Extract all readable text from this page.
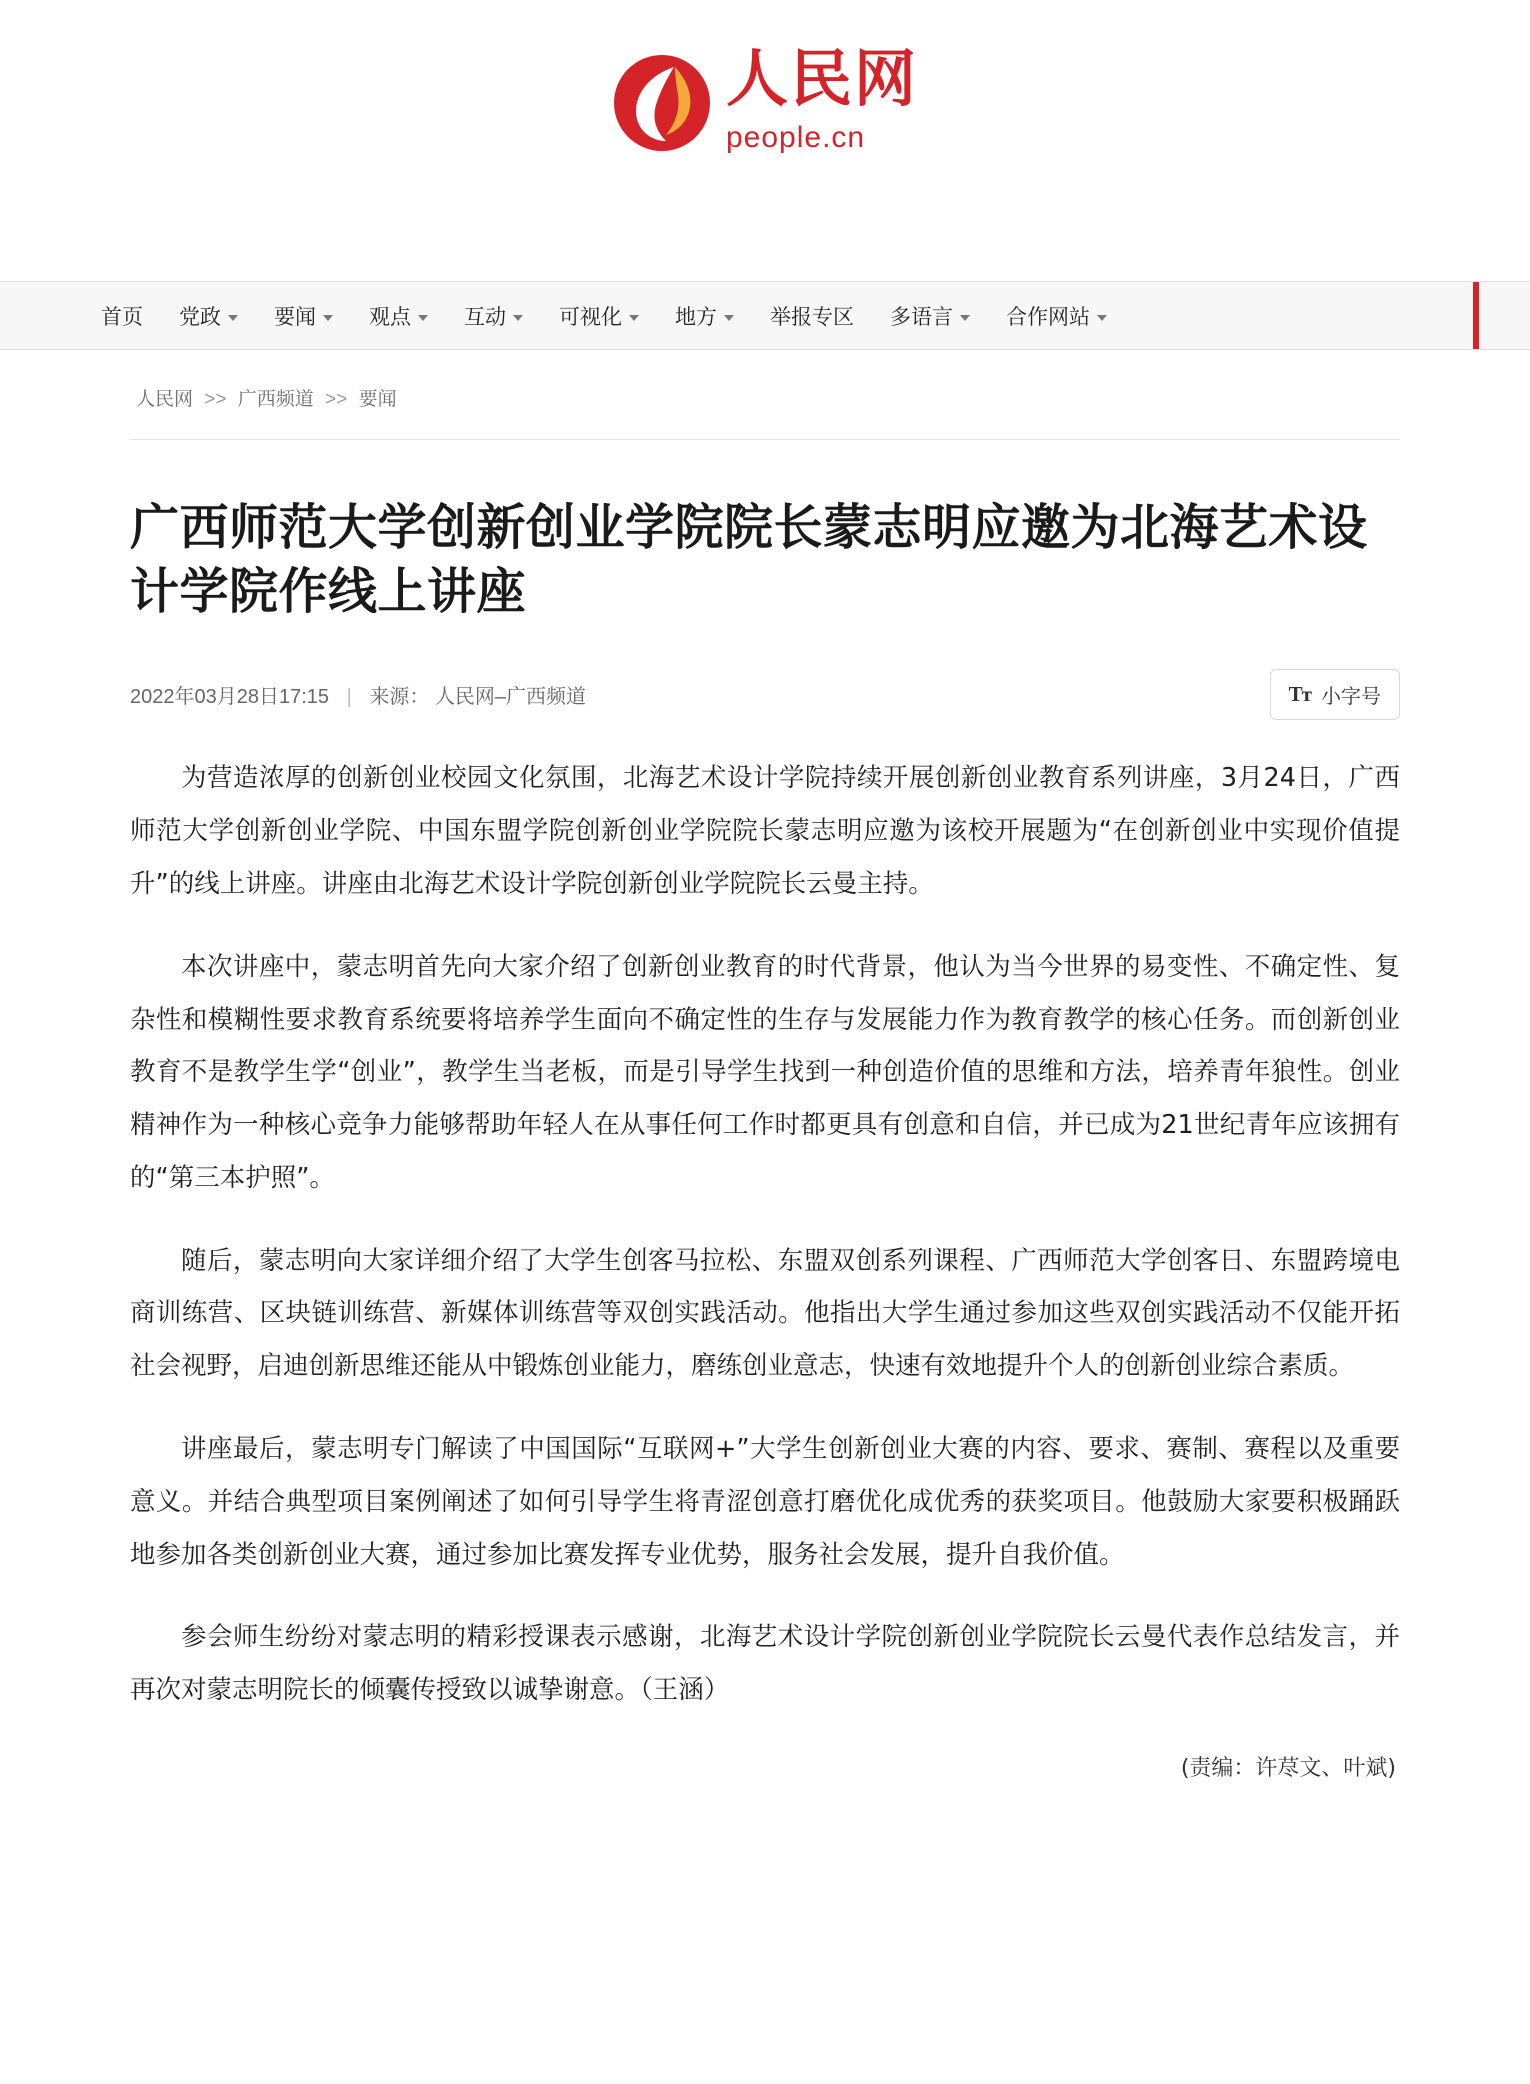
人民网
people.cn
首页 党政	要闻	观点	互动	可视化	地方	举报专区 多语言	合作网站
人民网 >> 广西频道 >> 要闻
广西师范大学创新创业学院院长蒙志明应邀为北海艺术设计学院作线上讲座
2022年03月28日17:15 | 来源： 人民网–广西频道	Tᴛ 小字号

为营造浓厚的创新创业校园文化氛围，北海艺术设计学院持续开展创新创业教育系列讲座，3月24日，广西师范大学创新创业学院、中国东盟学院创新创业学院院长蒙志明应邀为该校开展题为“在创新创业中实现价值提升”的线上讲座。讲座由北海艺术设计学院创新创业学院院长云曼主持。

本次讲座中，蒙志明首先向大家介绍了创新创业教育的时代背景，他认为当今世界的易变性、不确定性、复杂性和模糊性要求教育系统要将培养学生面向不确定性的生存与发展能力作为教育教学的核心任务。而创新创业教育不是教学生学“创业”，教学生当老板，而是引导学生找到一种创造价值的思维和方法，培养青年狼性。创业精神作为一种核心竞争力能够帮助年轻人在从事任何工作时都更具有创意和自信，并已成为21世纪青年应该拥有的“第三本护照”。

随后，蒙志明向大家详细介绍了大学生创客马拉松、东盟双创系列课程、广西师范大学创客日、东盟跨境电商训练营、区块链训练营、新媒体训练营等双创实践活动。他指出大学生通过参加这些双创实践活动不仅能开拓社会视野，启迪创新思维还能从中锻炼创业能力，磨练创业意志，快速有效地提升个人的创新创业综合素质。

讲座最后，蒙志明专门解读了中国国际“互联网+”大学生创新创业大赛的内容、要求、赛制、赛程以及重要意义。并结合典型项目案例阐述了如何引导学生将青涩创意打磨优化成优秀的获奖项目。他鼓励大家要积极踊跃地参加各类创新创业大赛，通过参加比赛发挥专业优势，服务社会发展，提升自我价值。

参会师生纷纷对蒙志明的精彩授课表示感谢，北海艺术设计学院创新创业学院院长云曼代表作总结发言，并再次对蒙志明院长的倾囊传授致以诚挚谢意。（王涵）

(责编：许荩文、叶斌)
